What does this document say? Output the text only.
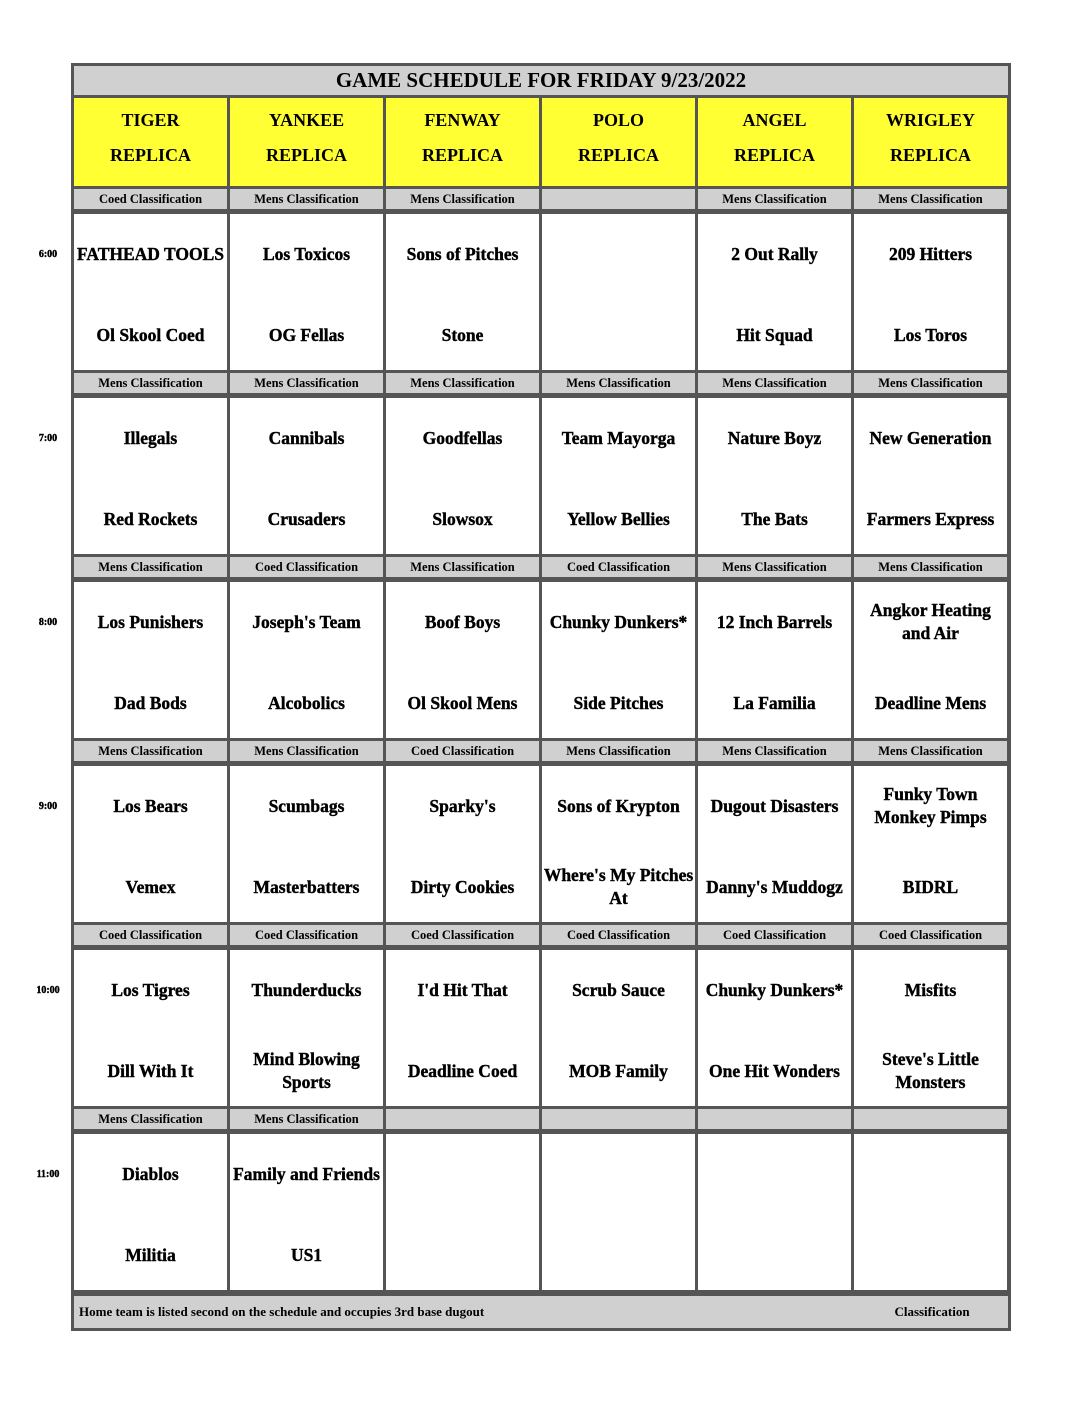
GAME SCHEDULE FOR FRIDAY 9/23/2022
TIGER
REPLICA
YANKEE
REPLICA
FENWAY
REPLICA
POLO
REPLICA
ANGEL
REPLICA
WRIGLEY
REPLICA
Coed Classification
FATHEAD TOOLS
Ol Skool Coed
Mens Classification
Los Toxicos
OG Fellas
Mens Classification
Sons of Pitches
Stone
Mens Classification
2 Out Rally
Hit Squad
Mens Classification
209 Hitters
Los Toros
Mens Classification
Illegals
Red Rockets
Mens Classification
Cannibals
Crusaders
Mens Classification
Goodfellas
Slowsox
Mens Classification
Team Mayorga
Yellow Bellies
Mens Classification
Nature Boyz
The Bats
Mens Classification
New Generation
Farmers Express
Mens Classification
Los Punishers
Dad Bods
Coed Classification
Joseph's Team
Alcobolics
Mens Classification
Boof Boys
Ol Skool Mens
Coed Classification
Chunky Dunkers*
Side Pitches
Mens Classification
12 Inch Barrels
La Familia
Mens Classification
Angkor Heating and Air
Deadline Mens
Mens Classification
Los Bears
Vemex
Mens Classification
Scumbags
Masterbatters
Coed Classification
Sparky's
Dirty Cookies
Mens Classification
Sons of Krypton
Where's My Pitches At
Mens Classification
Dugout Disasters
Danny's Muddogz
Mens Classification
Funky Town Monkey Pimps
BIDRL
Coed Classification
Los Tigres
Dill With It
Coed Classification
Thunderducks
Mind Blowing Sports
Coed Classification
I'd Hit That
Deadline Coed
Coed Classification
Scrub Sauce
MOB Family
Coed Classification
Chunky Dunkers*
One Hit Wonders
Coed Classification
Misfits
Steve's Little Monsters
Mens Classification
Diablos
Militia
Mens Classification
Family and Friends
US1
Home team is listed second on the schedule and occupies 3rd base dugout	Classification
6:00
7:00
8:00
9:00
10:00
11:00
